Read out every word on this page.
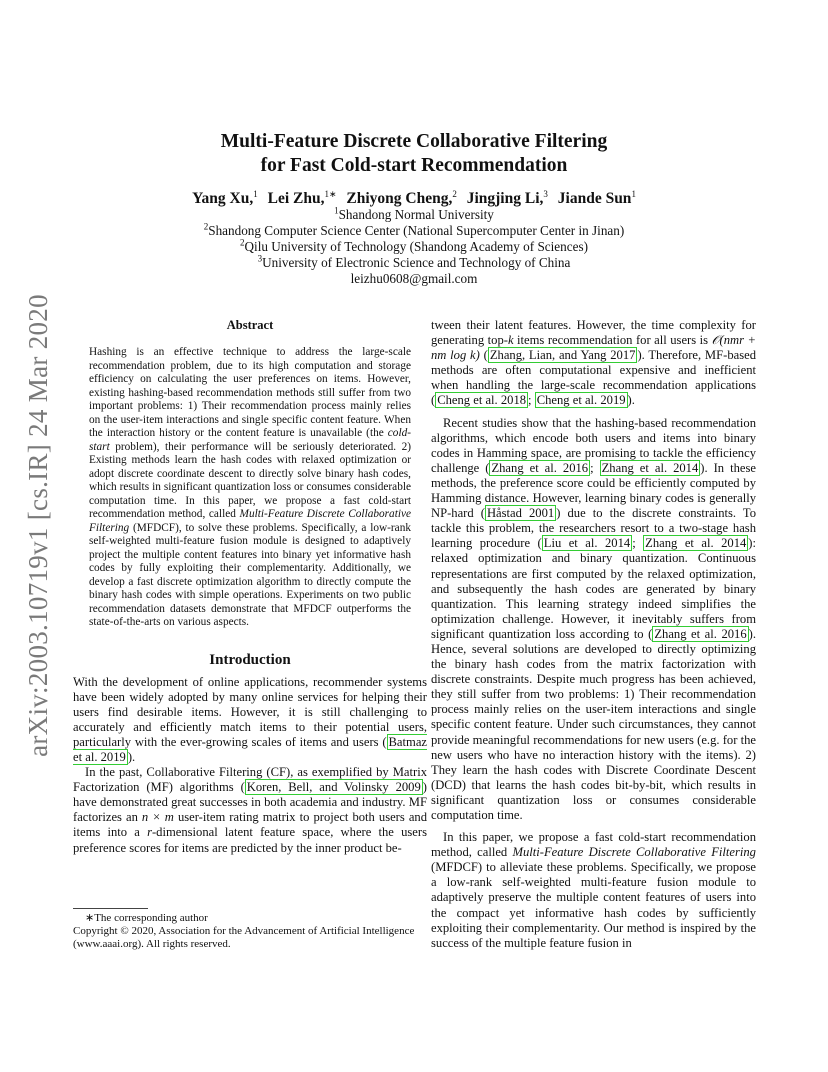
arXiv:2003.10719v1 [cs.IR] 24 Mar 2020
Multi-Feature Discrete Collaborative Filtering
for Fast Cold-start Recommendation
Yang Xu,$^1$ Lei Zhu,$^{1∗}$ Zhiyong Cheng,$^2$ Jingjing Li,$^3$ Jiande Sun$^1$
$^1$Shandong Normal University
$^2$Shandong Computer Science Center (National Supercomputer Center in Jinan)
$^2$Qilu University of Technology (Shandong Academy of Sciences)
$^3$University of Electronic Science and Technology of China
leizhu0608@gmail.com
Abstract

Hashing is an effective technique to address the large-scale recommendation problem, due to its high computation and storage efficiency on calculating the user preferences on items. However, existing hashing-based recommendation methods still suffer from two important problems: 1) Their recommendation process mainly relies on the user-item interactions and single specific content feature. When the interaction history or the content feature is unavailable (the cold-start problem), their performance will be seriously deteriorated. 2) Existing methods learn the hash codes with relaxed optimization or adopt discrete coordinate descent to directly solve binary hash codes, which results in significant quantization loss or consumes considerable computation time. In this paper, we propose a fast cold-start recommendation method, called Multi-Feature Discrete Collaborative Filtering (MFDCF), to solve these problems. Specifically, a low-rank self-weighted multi-feature fusion module is designed to adaptively project the multiple content features into binary yet informative hash codes by fully exploiting their complementarity. Additionally, we develop a fast discrete optimization algorithm to directly compute the binary hash codes with simple operations. Experiments on two public recommendation datasets demonstrate that MFDCF outperforms the state-of-the-arts on various aspects.

Introduction

With the development of online applications, recommender systems have been widely adopted by many online services for helping their users find desirable items. However, it is still challenging to accurately and efficiently match items to their potential users, particularly with the ever-growing scales of items and users ( Batmaz et al. 2019 ).

In the past, Collaborative Filtering (CF), as exemplified by Matrix Factorization (MF) algorithms ( Koren, Bell, and Volinsky 2009 ) have demonstrated great successes in both academia and industry. MF factorizes an n × m user-item rating matrix to project both users and items into a r-dimensional latent feature space, where the users preference scores for items are predicted by the inner product be-

∗The corresponding author
Copyright © 2020, Association for the Advancement of Artificial Intelligence (www.aaai.org). All rights reserved.

tween their latent features. However, the time complexity for generating top-k items recommendation for all users is 𝒪(nmr + nm log k) ( Zhang, Lian, and Yang 2017 ). Therefore, MF-based methods are often computational expensive and inefficient when handling the large-scale recommendation applications ( Cheng et al. 2018 ; Cheng et al. 2019 ).

Recent studies show that the hashing-based recommendation algorithms, which encode both users and items into binary codes in Hamming space, are promising to tackle the efficiency challenge ( Zhang et al. 2016 ; Zhang et al. 2014 ). In these methods, the preference score could be efficiently computed by Hamming distance. However, learning binary codes is generally NP-hard ( Håstad 2001 ) due to the discrete constraints. To tackle this problem, the researchers resort to a two-stage hash learning procedure ( Liu et al. 2014 ; Zhang et al. 2014 ): relaxed optimization and binary quantization. Continuous representations are first computed by the relaxed optimization, and subsequently the hash codes are generated by binary quantization. This learning strategy indeed simplifies the optimization challenge. However, it inevitably suffers from significant quantization loss according to ( Zhang et al. 2016 ). Hence, several solutions are developed to directly optimizing the binary hash codes from the matrix factorization with discrete constraints. Despite much progress has been achieved, they still suffer from two problems: 1) Their recommendation process mainly relies on the user-item interactions and single specific content feature. Under such circumstances, they cannot provide meaningful recommendations for new users (e.g. for the new users who have no interaction history with the items). 2) They learn the hash codes with Discrete Coordinate Descent (DCD) that learns the hash codes bit-by-bit, which results in significant quantization loss or consumes considerable computation time.

In this paper, we propose a fast cold-start recommendation method, called Multi-Feature Discrete Collaborative Filtering (MFDCF) to alleviate these problems. Specifically, we propose a low-rank self-weighted multi-feature fusion module to adaptively preserve the multiple content features of users into the compact yet informative hash codes by sufficiently exploiting their complementarity. Our method is inspired by the success of the multiple feature fusion in
